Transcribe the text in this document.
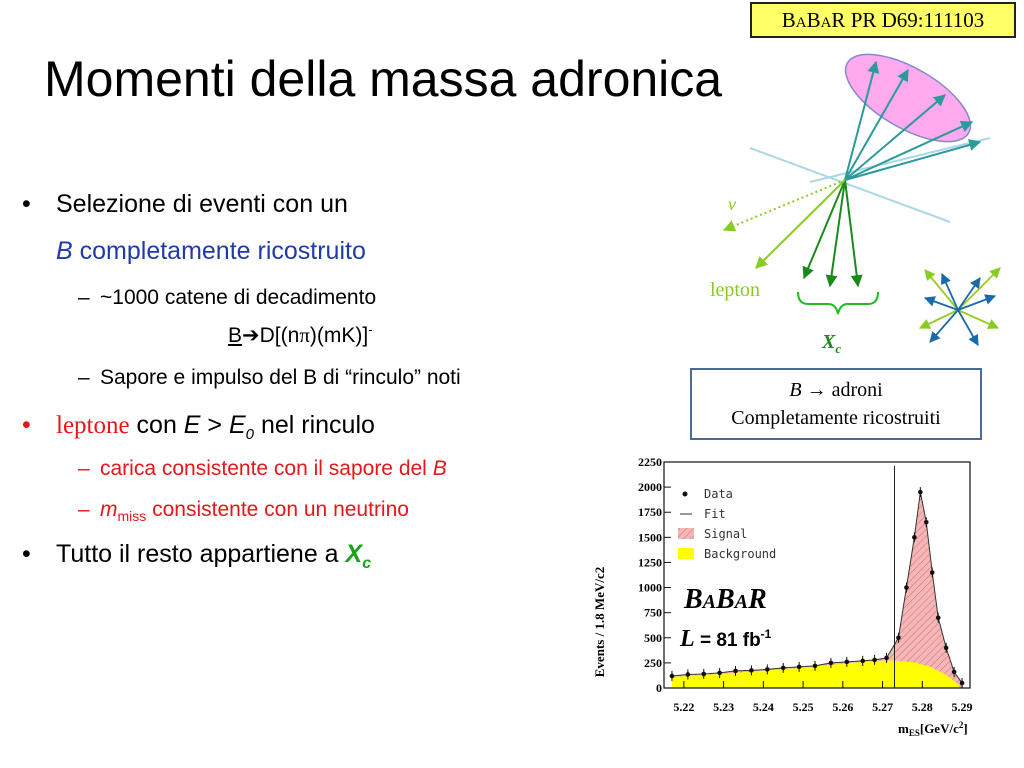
BABAR PR D69:111103
Momenti della massa adronica
• Selezione di eventi con un
B completamente ricostruito
– ~1000 catene di decadimento
B➔D[(nπ)(mK)]-
– Sapore e impulso del B di “rinculo” noti
• leptone con $E > E_0$ nel rinculo
– carica consistente con il sapore del B
– $m_{miss}$ consistente con un neutrino
• Tutto il resto appartiene a $X_c$
ν
lepton
$X_c$
B → adroni
Completamente ricostruiti
0
250
500
750
1000
1250
1500
1750
2000
2250
5.22 5.23 5.24 5.25 5.26 5.27 5.28 5.29
Data
Fit
Signal
Background
Events / 1.8 MeV/c2
$m_{ES}[GeV/c^2]$
BABAR
L = 81 $fb^{-1}$
